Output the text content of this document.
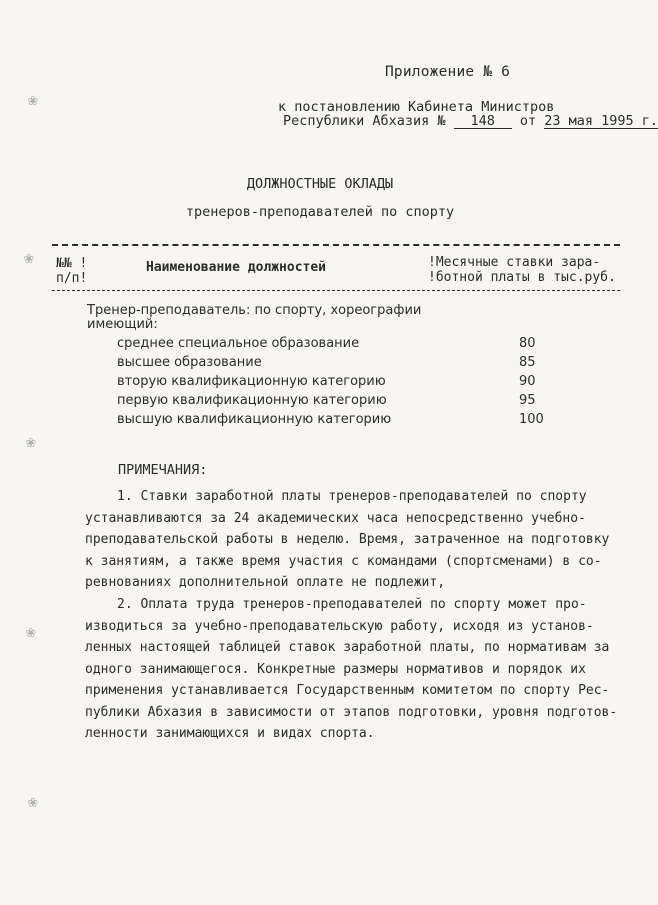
❀
❀
❀
❀
❀
Приложение № 6
к постановлению Кабинета Министров
Республики Абхазия № 148 от 23 мая 1995 г.
ДОЛЖНОСТНЫЕ ОКЛАДЫ
тренеров-преподавателей по спорту
№№ !
п/п!
Наименование должностей	!Месячные ставки зара-
!ботной платы в тыс.руб.
Тренер-преподаватель: по спорту, хореографии
имеющий:
среднее специальное образование	80
высшее образование	85
вторую квалификационную категорию	90
первую квалификационную категорию	95
высшую квалификационную категорию	100
ПРИМЕЧАНИЯ:
1. Ставки заработной платы тренеров-преподавателей по спорту
устанавливаются за 24 академических часа непосредственно учебно-
преподавательской работы в неделю. Время, затраченное на подготовку
к занятиям, а также время участия с командами (спортсменами) в со-
ревнованиях дополнительной оплате не подлежит,
2. Оплата труда тренеров-преподавателей по спорту может про-
изводиться за учебно-преподавательскую работу, исходя из установ-
ленных настоящей таблицей ставок заработной платы, по нормативам за
одного занимающегося. Конкретные размеры нормативов и порядок их
применения устанавливается Государственным комитетом по спорту Рес-
публики Абхазия в зависимости от этапов подготовки, уровня подготов-
ленности занимающихся и видах спорта.
